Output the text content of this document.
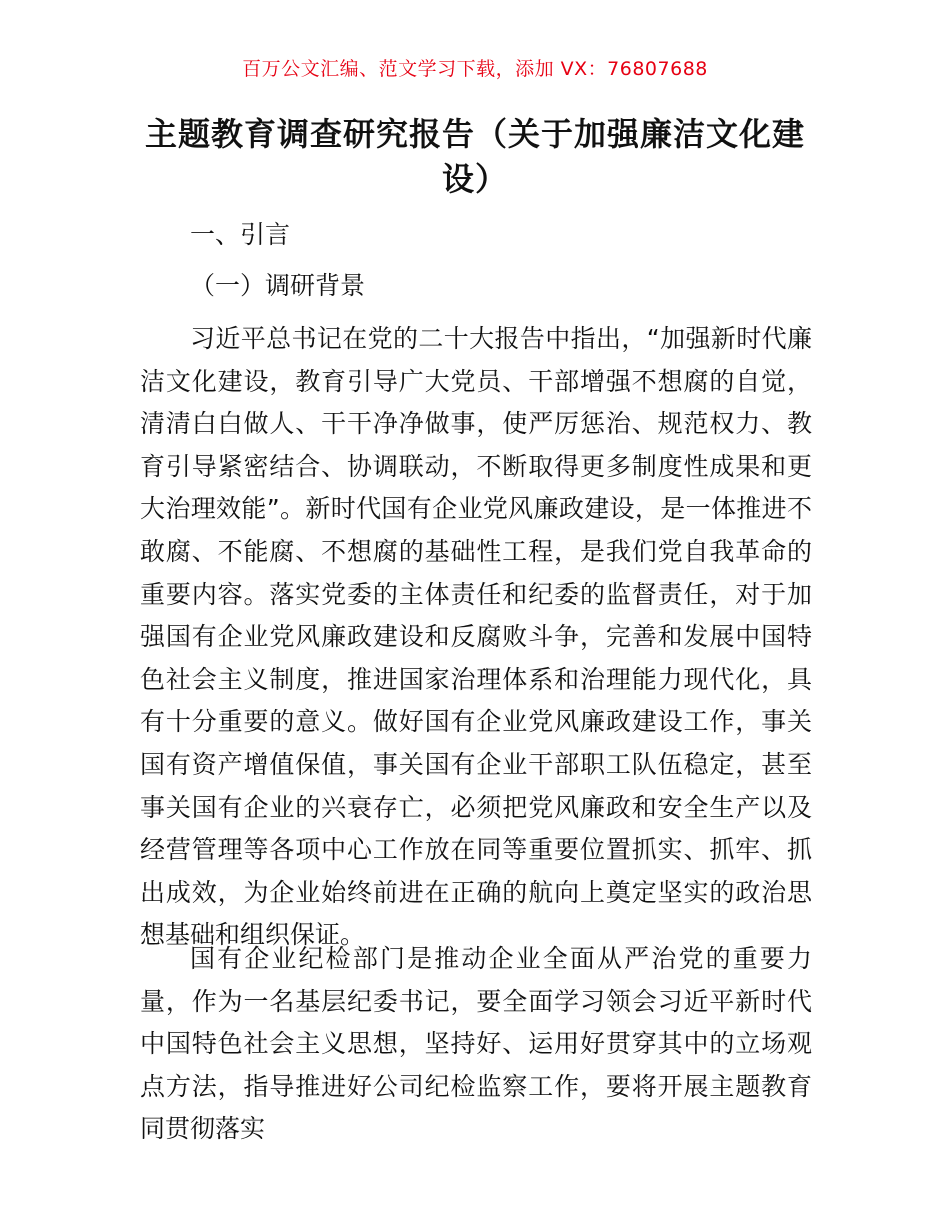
百万公文汇编、范文学习下载，添加 VX：76807688
主题教育调查研究报告（关于加强廉洁文化建设）
一、引言
（一）调研背景

习近平总书记在党的二十大报告中指出，“加强新时代廉洁文化建设，教育引导广大党员、干部增强不想腐的自觉，清清白白做人、干干净净做事，使严厉惩治、规范权力、教育引导紧密结合、协调联动，不断取得更多制度性成果和更大治理效能”。新时代国有企业党风廉政建设，是一体推进不敢腐、不能腐、不想腐的基础性工程，是我们党自我革命的重要内容。落实党委的主体责任和纪委的监督责任，对于加强国有企业党风廉政建设和反腐败斗争，完善和发展中国特色社会主义制度，推进国家治理体系和治理能力现代化，具有十分重要的意义。做好国有企业党风廉政建设工作，事关国有资产增值保值，事关国有企业干部职工队伍稳定，甚至事关国有企业的兴衰存亡，必须把党风廉政和安全生产以及经营管理等各项中心工作放在同等重要位置抓实、抓牢、抓出成效，为企业始终前进在正确的航向上奠定坚实的政治思想基础和组织保证。

国有企业纪检部门是推动企业全面从严治党的重要力量，作为一名基层纪委书记，要全面学习领会习近平新时代中国特色社会主义思想，坚持好、运用好贯穿其中的立场观点方法，指导推进好公司纪检监察工作，要将开展主题教育同贯彻落实
